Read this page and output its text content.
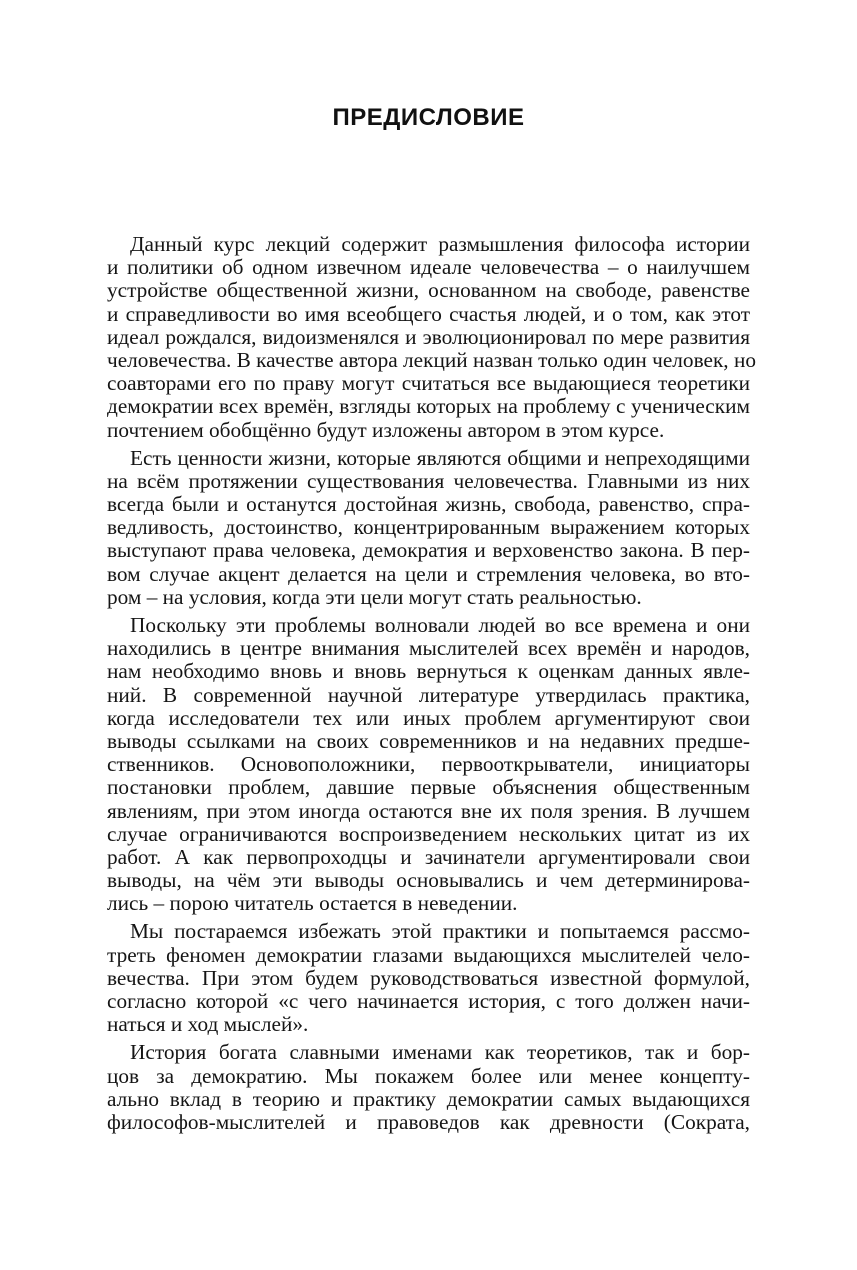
ПРЕДИСЛОВИЕ
Данный курс лекций содержит размышления философа истории
и политики об одном извечном идеале человечества – о наилучшем
устройстве общественной жизни, основанном на свободе, равенстве
и справедливости во имя всеобщего счастья людей, и о том, как этот
идеал рождался, видоизменялся и эволюционировал по мере развития
человечества. В качестве автора лекций назван только один человек, но
соавторами его по праву могут считаться все выдающиеся теоретики
демократии всех времён, взгляды которых на проблему с ученическим
почтением обобщённо будут изложены автором в этом курсе.
Есть ценности жизни, которые являются общими и непреходящими
на всём протяжении существования человечества. Главными из них
всегда были и останутся достойная жизнь, свобода, равенство, спра-
ведливость, достоинство, концентрированным выражением которых
выступают права человека, демократия и верховенство закона. В пер-
вом случае акцент делается на цели и стремления человека, во вто-
ром – на условия, когда эти цели могут стать реальностью.
Поскольку эти проблемы волновали людей во все времена и они
находились в центре внимания мыслителей всех времён и народов,
нам необходимо вновь и вновь вернуться к оценкам данных явле-
ний. В современной научной литературе утвердилась практика,
когда исследователи тех или иных проблем аргументируют свои
выводы ссылками на своих современников и на недавних предше-
ственников. Основоположники, первооткрыватели, инициаторы
постановки проблем, давшие первые объяснения общественным
явлениям, при этом иногда остаются вне их поля зрения. В лучшем
случае ограничиваются воспроизведением нескольких цитат из их
работ. А как первопроходцы и зачинатели аргументировали свои
выводы, на чём эти выводы основывались и чем детерминирова-
лись – порою читатель остается в неведении.
Мы постараемся избежать этой практики и попытаемся рассмо-
треть феномен демократии глазами выдающихся мыслителей чело-
вечества. При этом будем руководствоваться известной формулой,
согласно которой «с чего начинается история, с того должен начи-
наться и ход мыслей».
История богата славными именами как теоретиков, так и бор-
цов за демократию. Мы покажем более или менее концепту-
ально вклад в теорию и практику демократии самых выдающихся
философов-мыслителей и правоведов как древности (Сократа,
